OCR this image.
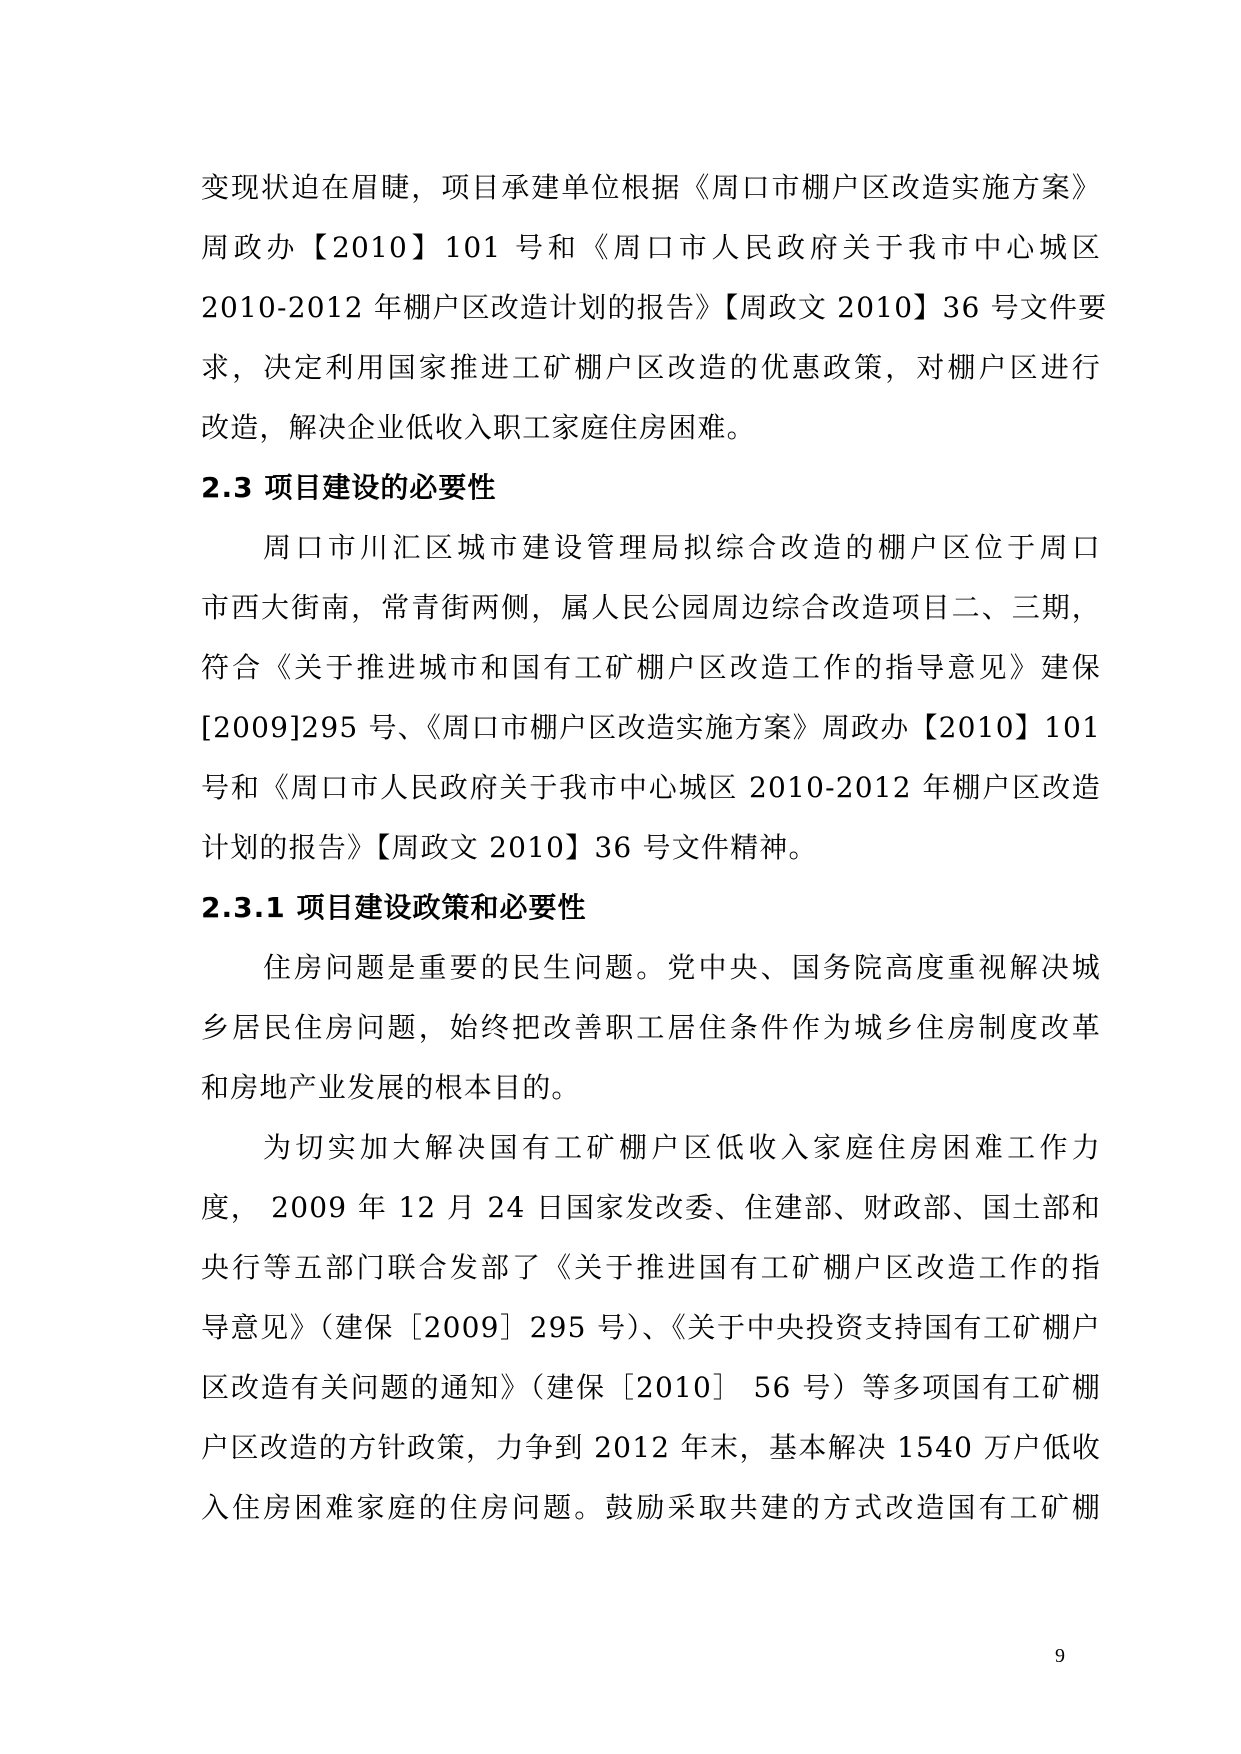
变现状迫在眉睫，项目承建单位根据《周口市棚户区改造实施方案》
周政办【2010】101 号和《周口市人民政府关于我市中心城区
2010-2012 年棚户区改造计划的报告》【周政文 2010】36 号文件要
求，决定利用国家推进工矿棚户区改造的优惠政策，对棚户区进行
改造，解决企业低收入职工家庭住房困难。
2.3 项目建设的必要性
周口市川汇区城市建设管理局拟综合改造的棚户区位于周口
市西大街南，常青街两侧，属人民公园周边综合改造项目二、三期，
符合《关于推进城市和国有工矿棚户区改造工作的指导意见》建保
[2009]295 号、《周口市棚户区改造实施方案》周政办【2010】101
号和《周口市人民政府关于我市中心城区 2010-2012 年棚户区改造
计划的报告》【周政文 2010】36 号文件精神。
2.3.1 项目建设政策和必要性
住房问题是重要的民生问题。党中央、国务院高度重视解决城
乡居民住房问题，始终把改善职工居住条件作为城乡住房制度改革
和房地产业发展的根本目的。
为切实加大解决国有工矿棚户区低收入家庭住房困难工作力
度， 2009 年 12 月 24 日国家发改委、住建部、财政部、国土部和
央行等五部门联合发部了《关于推进国有工矿棚户区改造工作的指
导意见》（建保［2009］295 号）、《关于中央投资支持国有工矿棚户
区改造有关问题的通知》（建保［2010］ 56 号）等多项国有工矿棚
户区改造的方针政策，力争到 2012 年末，基本解决 1540 万户低收
入住房困难家庭的住房问题。鼓励采取共建的方式改造国有工矿棚
9
